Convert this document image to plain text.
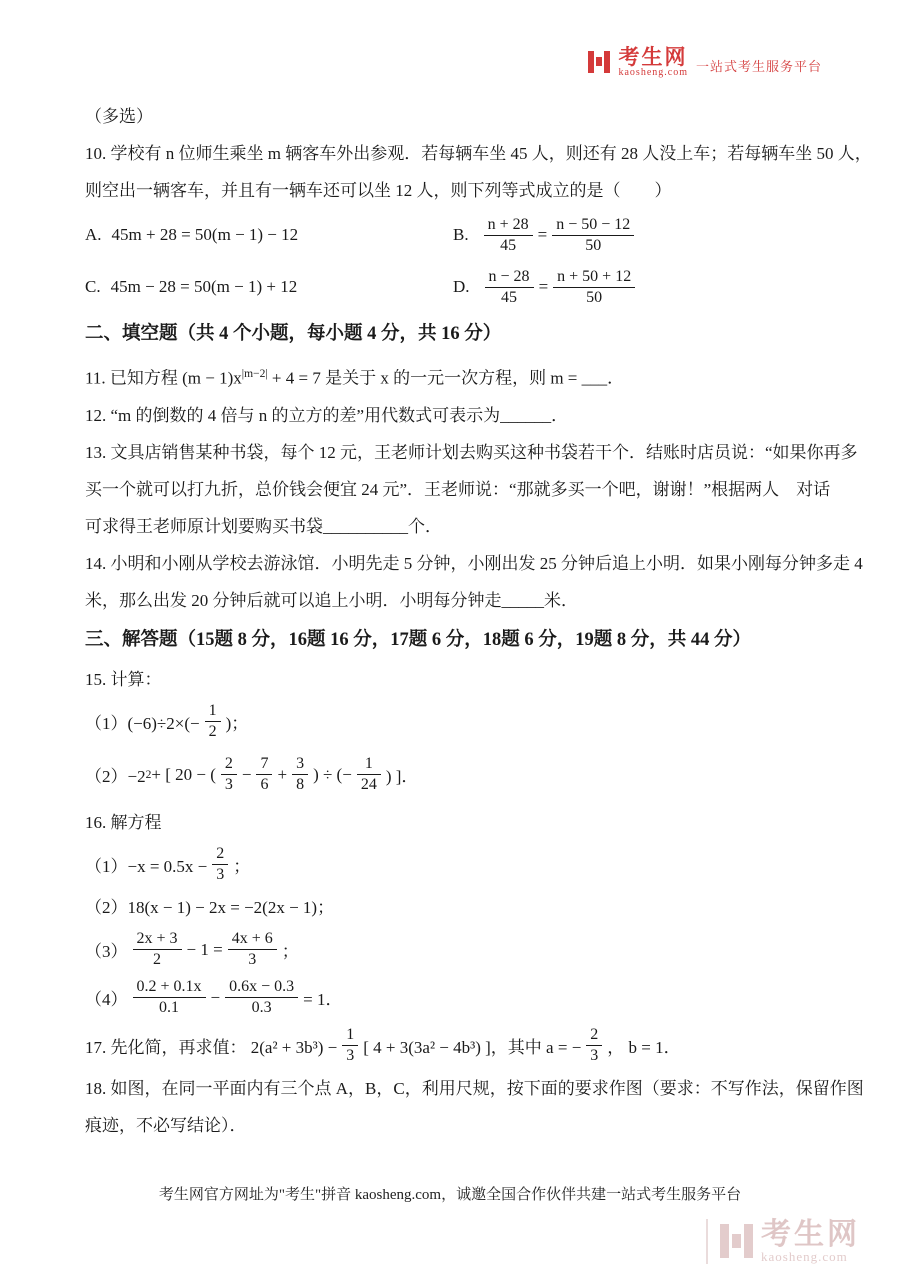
考生网
kaosheng.com 一站式考生服务平台

（多选）

10. 学校有 n 位师生乘坐 m 辆客车外出参观．若每辆车坐 45 人，则还有 28 人没上车；若每辆车坐 50 人，

则空出一辆客车，并且有一辆车还可以坐 12 人，则下列等式成立的是（　　）

A. 45m + 28 = 50(m − 1) − 12	B. $\frac{n + 28}{45} = \frac{n - 50 - 12}{50}$
C. 45m − 28 = 50(m − 1) + 12	D. $\frac{n - 28}{45} = \frac{n + 50 + 12}{50}$

二、填空题（共 4 个小题，每小题 4 分，共 16 分）

11. 已知方程 $(m - 1)x^{|m-2|} + 4 = 7$ 是关于 x 的一元一次方程，则 m = ___．

12. “m 的倒数的 4 倍与 n 的立方的差”用代数式可表示为______．

13. 文具店销售某种书袋，每个 12 元，王老师计划去购买这种书袋若干个．结账时店员说：“如果你再多

买一个就可以打九折，总价钱会便宜 24 元”．王老师说：“那就多买一个吧，谢谢！”根据两人　对话

可求得王老师原计划要购买书袋__________个．

14. 小明和小刚从学校去游泳馆．小明先走 5 分钟，小刚出发 25 分钟后追上小明．如果小刚每分钟多走 4

米，那么出发 20 分钟后就可以追上小明．小明每分钟走_____米．

三、解答题（15题 8 分，16题 16 分，17题 6 分，18题 6 分，19题 8 分，共 44 分）

15. 计算：

$(1)(-6)\div 2\times(- \frac{1}{2}$ )；
（2）−2 2 + [ 20 − ( $\frac{2}{3} - \frac{7}{6} + \frac{3}{8}$ ) ÷ (− $\frac{1}{24}$ ) ]．

16. 解方程

$(1)-x = 0.5x - \frac{2}{3}$ ；

（2）18(x − 1) − 2x = −2(2x − 1)；

$(3) \frac{2x + 3}{2} - 1 = \frac{4x + 6}{3}$ ；
$(4) \frac{0.2 + 0.1x}{0.1} - \frac{0.6x - 0.3}{0.3} = 1$．
17. 先化简，再求值： $2(a^2 + 3b^3) - \frac{1}{3}$ [ 4 + 3(3a² − 4b³) ]，其中 a = − $\frac{2}{3}$ ， b = 1．

18. 如图，在同一平面内有三个点 A，B，C，利用尺规，按下面的要求作图（要求：不写作法，保留作图

痕迹，不必写结论）．

考生网官方网址为"考生"拼音 kaosheng.com，诚邀全国合作伙伴共建一站式考生服务平台

考生网
kaosheng.com
